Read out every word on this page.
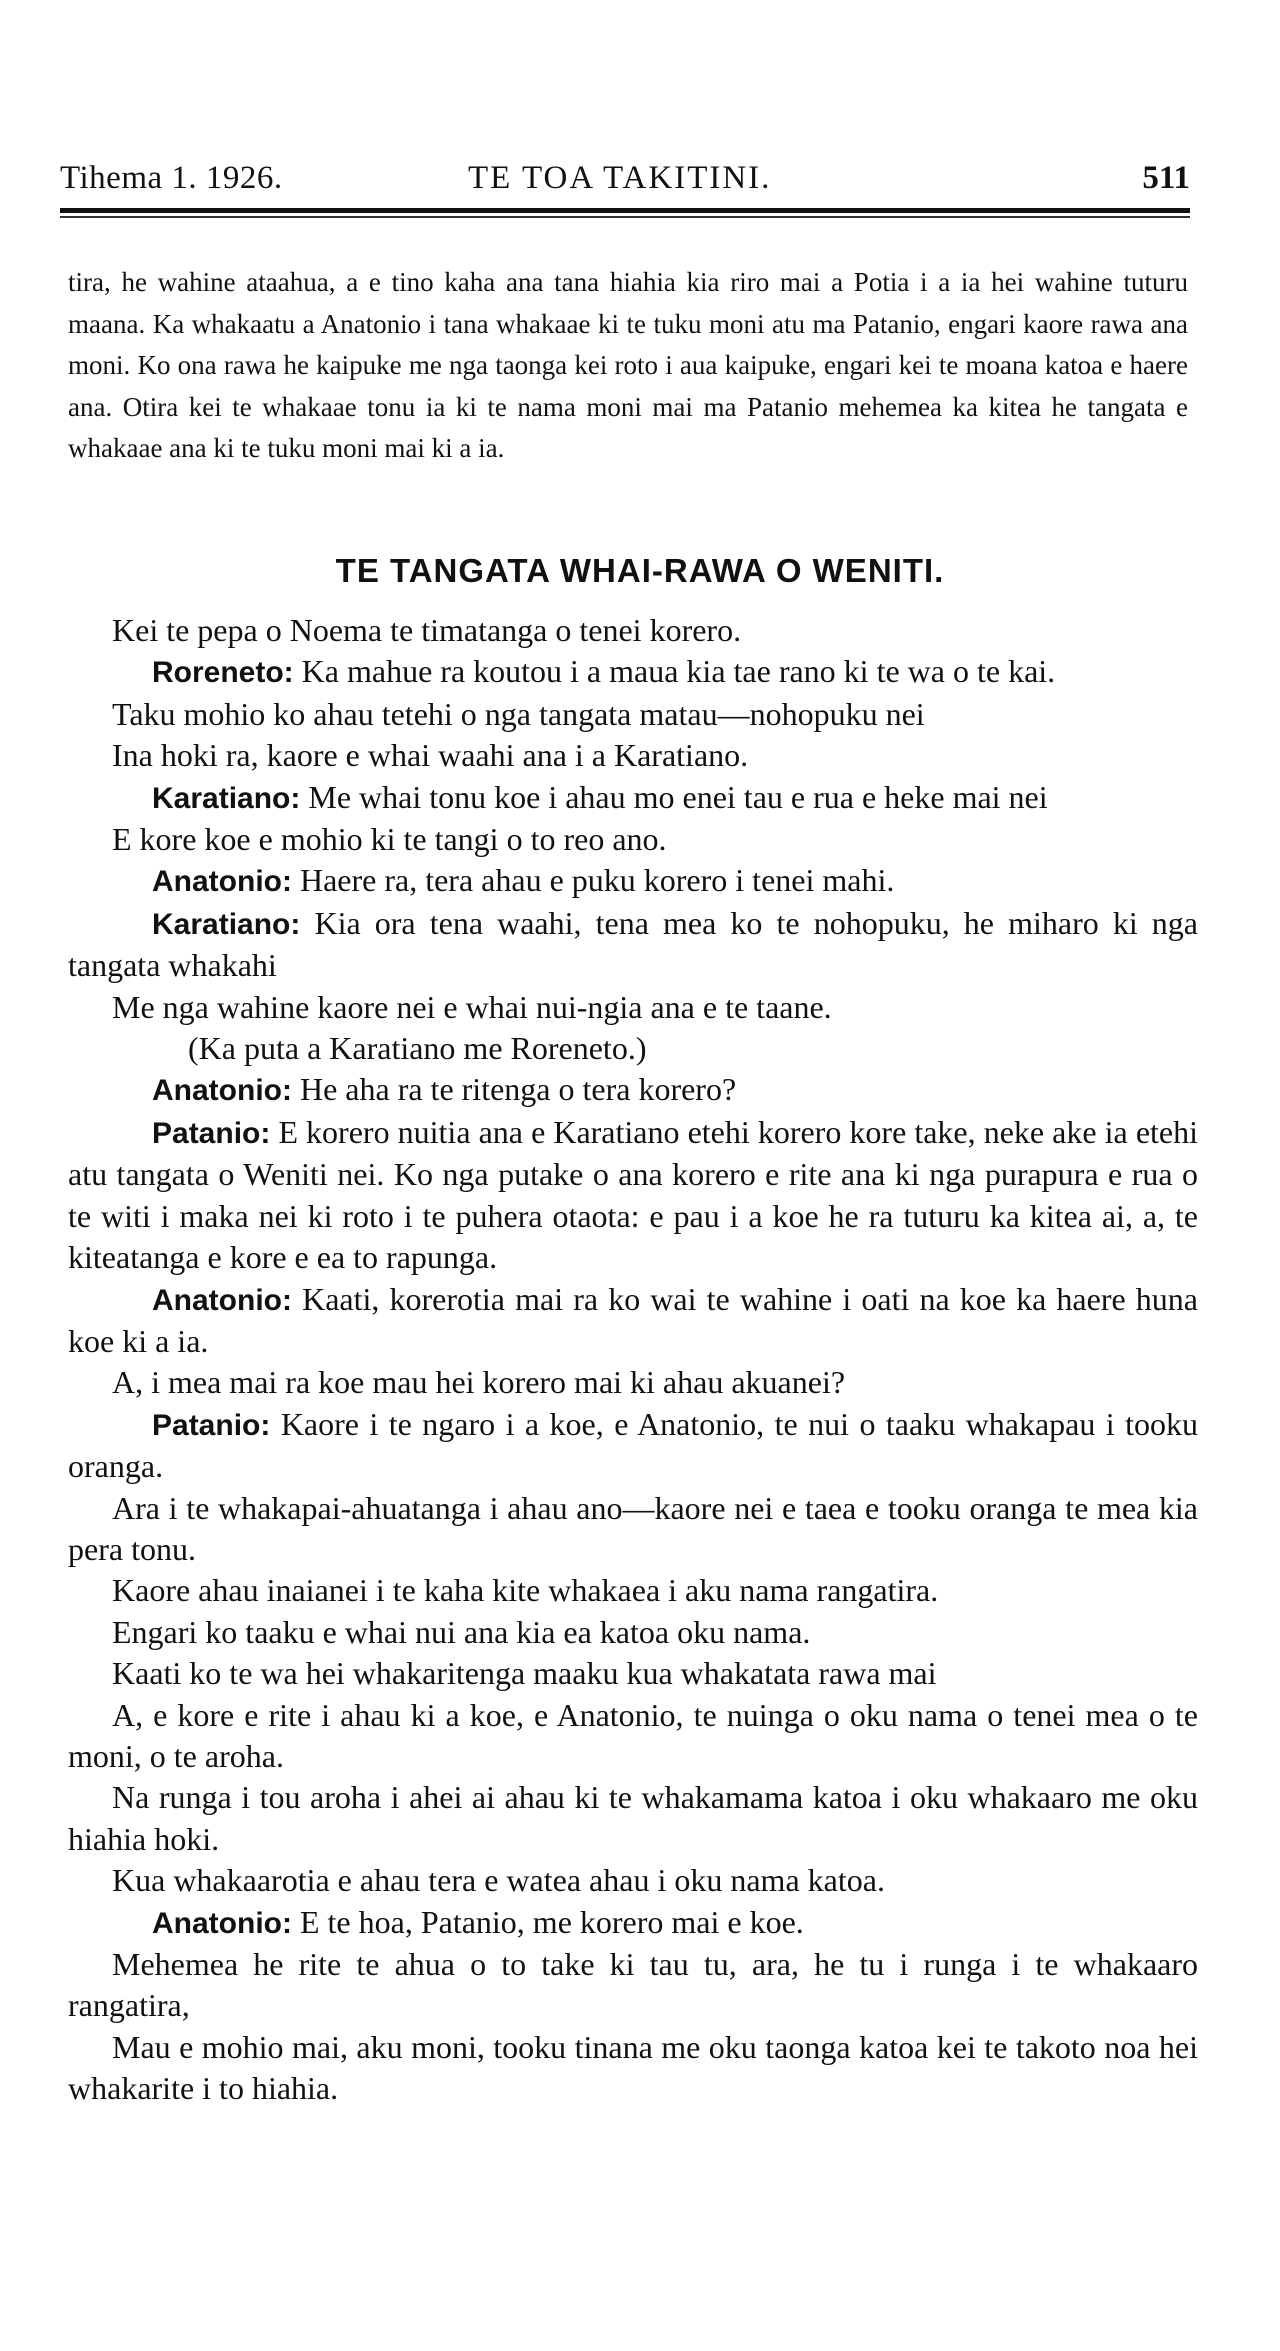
Tihema 1. 1926.	TE TOA TAKITINI.	511

tira, he wahine ataahua, a e tino kaha ana tana hiahia kia riro mai a Potia i a ia hei wahine tuturu maana. Ka whakaatu a Anatonio i tana whakaae ki te tuku moni atu ma Patanio, engari kaore rawa ana moni. Ko ona rawa he kaipuke me nga taonga kei roto i aua kaipuke, engari kei te moana katoa e haere ana. Otira kei te whakaae tonu ia ki te nama moni mai ma Patanio mehemea ka kitea he tangata e whakaae ana ki te tuku moni mai ki a ia.

TE TANGATA WHAI-RAWA O WENITI.

Kei te pepa o Noema te timatanga o tenei korero.

Roreneto: Ka mahue ra koutou i a maua kia tae rano ki te wa o te kai.

Taku mohio ko ahau tetehi o nga tangata matau—nohopuku nei

Ina hoki ra, kaore e whai waahi ana i a Karatiano.

Karatiano: Me whai tonu koe i ahau mo enei tau e rua e heke mai nei

E kore koe e mohio ki te tangi o to reo ano.

Anatonio: Haere ra, tera ahau e puku korero i tenei mahi.

Karatiano: Kia ora tena waahi, tena mea ko te nohopuku, he miharo ki nga tangata whakahi

Me nga wahine kaore nei e whai nui-ngia ana e te taane.

(Ka puta a Karatiano me Roreneto.)

Anatonio: He aha ra te ritenga o tera korero?

Patanio: E korero nuitia ana e Karatiano etehi korero kore take, neke ake ia etehi atu tangata o Weniti nei. Ko nga putake o ana korero e rite ana ki nga purapura e rua o te witi i maka nei ki roto i te puhera otaota: e pau i a koe he ra tuturu ka kitea ai, a, te kiteatanga e kore e ea to rapunga.

Anatonio: Kaati, korerotia mai ra ko wai te wahine i oati na koe ka haere huna koe ki a ia.

A, i mea mai ra koe mau hei korero mai ki ahau akuanei?

Patanio: Kaore i te ngaro i a koe, e Anatonio, te nui o taaku whakapau i tooku oranga.

Ara i te whakapai-ahuatanga i ahau ano—kaore nei e taea e tooku oranga te mea kia pera tonu.

Kaore ahau inaianei i te kaha kite whakaea i aku nama rangatira.

Engari ko taaku e whai nui ana kia ea katoa oku nama.

Kaati ko te wa hei whakaritenga maaku kua whakatata rawa mai

A, e kore e rite i ahau ki a koe, e Anatonio, te nuinga o oku nama o tenei mea o te moni, o te aroha.

Na runga i tou aroha i ahei ai ahau ki te whakamama katoa i oku whakaaro me oku hiahia hoki.

Kua whakaarotia e ahau tera e watea ahau i oku nama katoa.

Anatonio: E te hoa, Patanio, me korero mai e koe.

Mehemea he rite te ahua o to take ki tau tu, ara, he tu i runga i te whakaaro rangatira,

Mau e mohio mai, aku moni, tooku tinana me oku taonga katoa kei te takoto noa hei whakarite i to hiahia.
